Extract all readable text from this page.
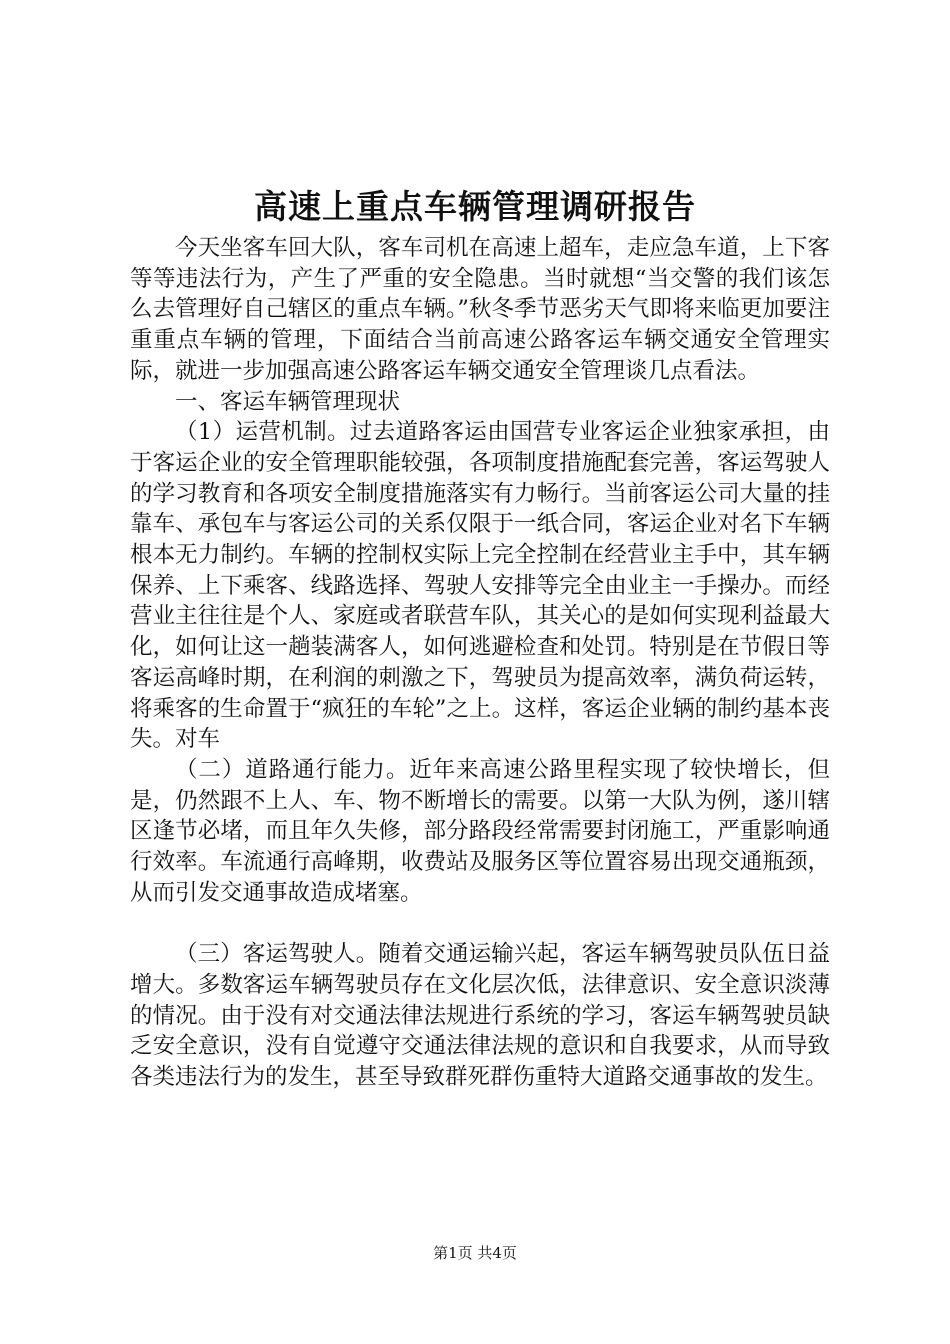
高速上重点车辆管理调研报告

今天坐客车回大队，客车司机在高速上超车，走应急车道，上下客等等违法行为，产生了严重的安全隐患。当时就想“当交警的我们该怎么去管理好自己辖区的重点车辆。”秋冬季节恶劣天气即将来临更加要注重重点车辆的管理，下面结合当前高速公路客运车辆交通安全管理实际，就进一步加强高速公路客运车辆交通安全管理谈几点看法。

一、客运车辆管理现状

（1）运营机制。过去道路客运由国营专业客运企业独家承担，由于客运企业的安全管理职能较强，各项制度措施配套完善，客运驾驶人的学习教育和各项安全制度措施落实有力畅行。当前客运公司大量的挂靠车、承包车与客运公司的关系仅限于一纸合同，客运企业对名下车辆根本无力制约。车辆的控制权实际上完全控制在经营业主手中，其车辆保养、上下乘客、线路选择、驾驶人安排等完全由业主一手操办。而经营业主往往是个人、家庭或者联营车队，其关心的是如何实现利益最大化，如何让这一趟装满客人，如何逃避检查和处罚。特别是在节假日等客运高峰时期，在利润的刺激之下，驾驶员为提高效率，满负荷运转，将乘客的生命置于“疯狂的车轮”之上。这样，客运企业辆的制约基本丧失。对车

（二）道路通行能力。近年来高速公路里程实现了较快增长，但是，仍然跟不上人、车、物不断增长的需要。以第一大队为例，遂川辖区逢节必堵，而且年久失修，部分路段经常需要封闭施工，严重影响通行效率。车流通行高峰期，收费站及服务区等位置容易出现交通瓶颈，从而引发交通事故造成堵塞。

（三）客运驾驶人。随着交通运输兴起，客运车辆驾驶员队伍日益增大。多数客运车辆驾驶员存在文化层次低，法律意识、安全意识淡薄的情况。由于没有对交通法律法规进行系统的学习，客运车辆驾驶员缺乏安全意识，没有自觉遵守交通法律法规的意识和自我要求，从而导致各类违法行为的发生，甚至导致群死群伤重特大道路交通事故的发生。

第1页 共4页
